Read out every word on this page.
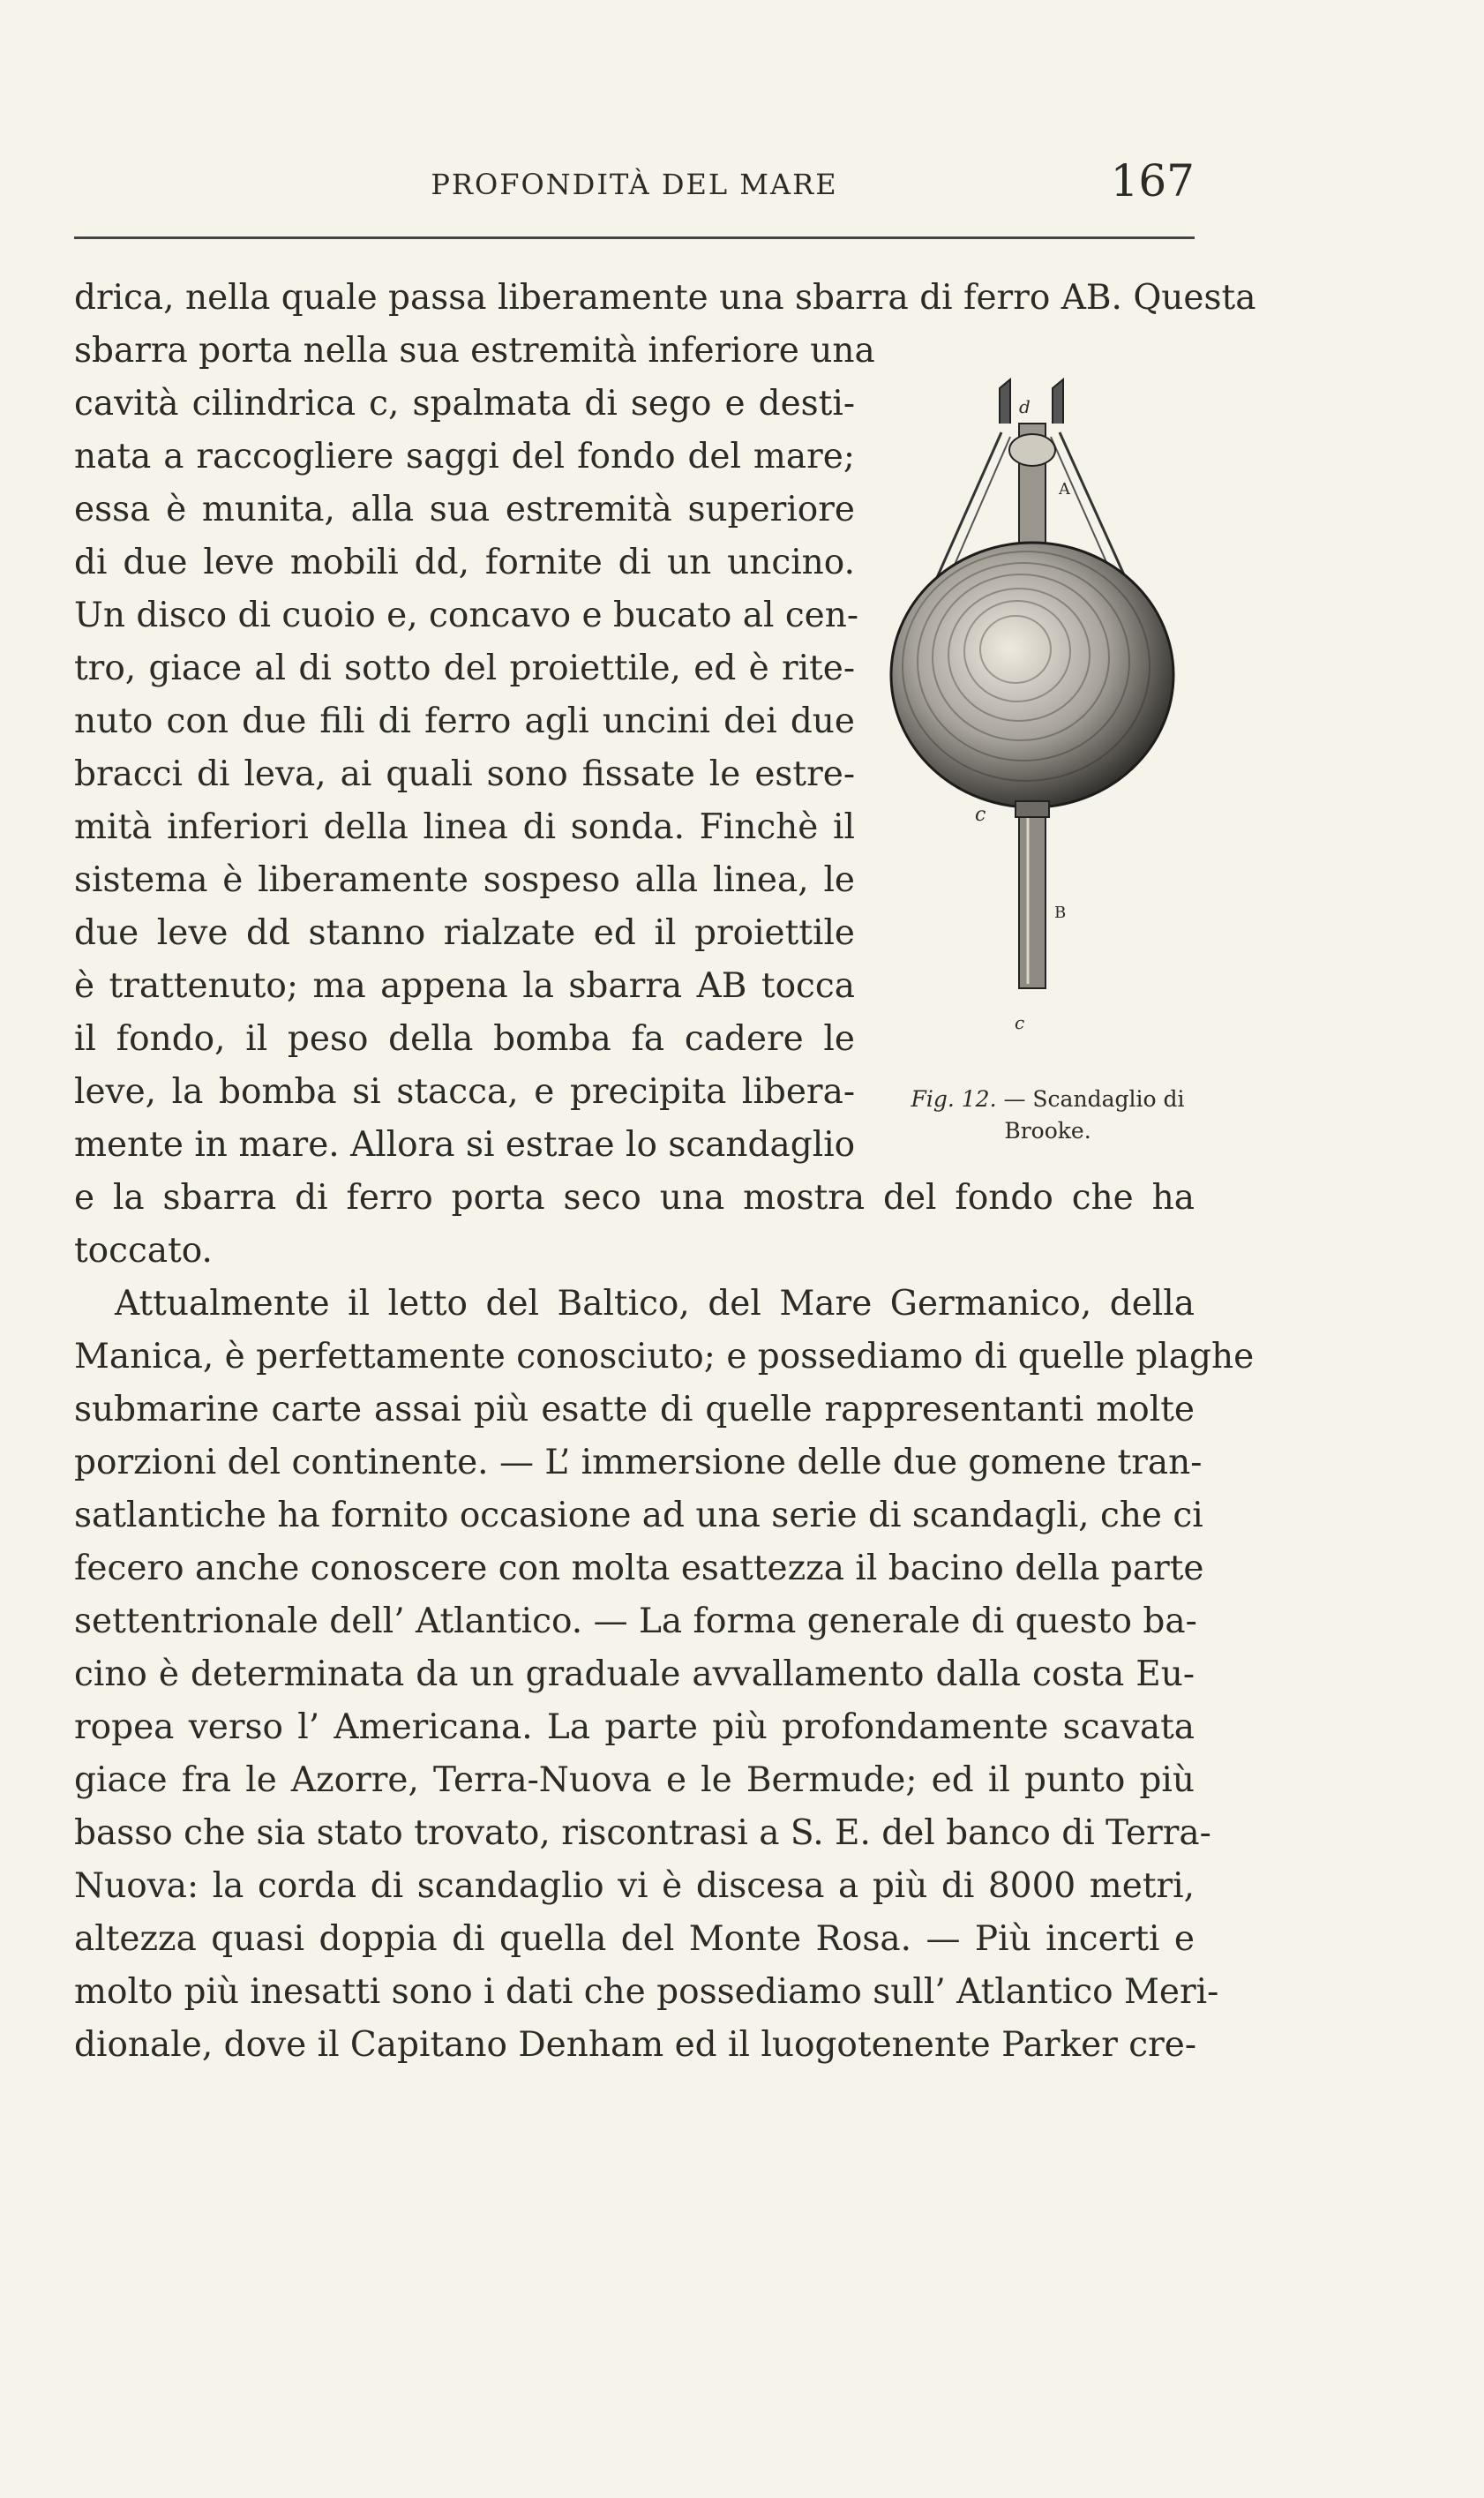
PROFONDITÀ DEL MARE	167
drica, nella quale passa liberamente una sbarra di ferro AB. Questa
sbarra porta nella sua estremità inferiore una
cavità cilindrica c, spalmata di sego e desti-
nata a raccogliere saggi del fondo del mare;
essa è munita, alla sua estremità superiore
di due leve mobili dd, fornite di un uncino.
Un disco di cuoio e, concavo e bucato al cen-
tro, giace al di sotto del proiettile, ed è rite-
nuto con due fili di ferro agli uncini dei due
bracci di leva, ai quali sono fissate le estre-
mità inferiori della linea di sonda. Finchè il
sistema è liberamente sospeso alla linea, le
due leve dd stanno rialzate ed il proiettile
è trattenuto; ma appena la sbarra AB tocca
il fondo, il peso della bomba fa cadere le
leve, la bomba si stacca, e precipita libera-
mente in mare. Allora si estrae lo scandaglio
e la sbarra di ferro porta seco una mostra del fondo che ha
toccato.
Attualmente il letto del Baltico, del Mare Germanico, della
Manica, è perfettamente conosciuto; e possediamo di quelle plaghe
submarine carte assai più esatte di quelle rappresentanti molte
porzioni del continente. — L’ immersione delle due gomene tran-
satlantiche ha fornito occasione ad una serie di scandagli, che ci
fecero anche conoscere con molta esattezza il bacino della parte
settentrionale dell’ Atlantico. — La forma generale di questo ba-
cino è determinata da un graduale avvallamento dalla costa Eu-
ropea verso l’ Americana. La parte più profondamente scavata
giace fra le Azorre, Terra-Nuova e le Bermude; ed il punto più
basso che sia stato trovato, riscontrasi a S. E. del banco di Terra-
Nuova: la corda di scandaglio vi è discesa a più di 8000 metri,
altezza quasi doppia di quella del Monte Rosa. — Più incerti e
molto più inesatti sono i dati che possediamo sull’ Atlantico Meri-
dionale, dove il Capitano Denham ed il luogotenente Parker cre-
d
A
c
B
c
Fig. 12. — Scandaglio di Brooke.
